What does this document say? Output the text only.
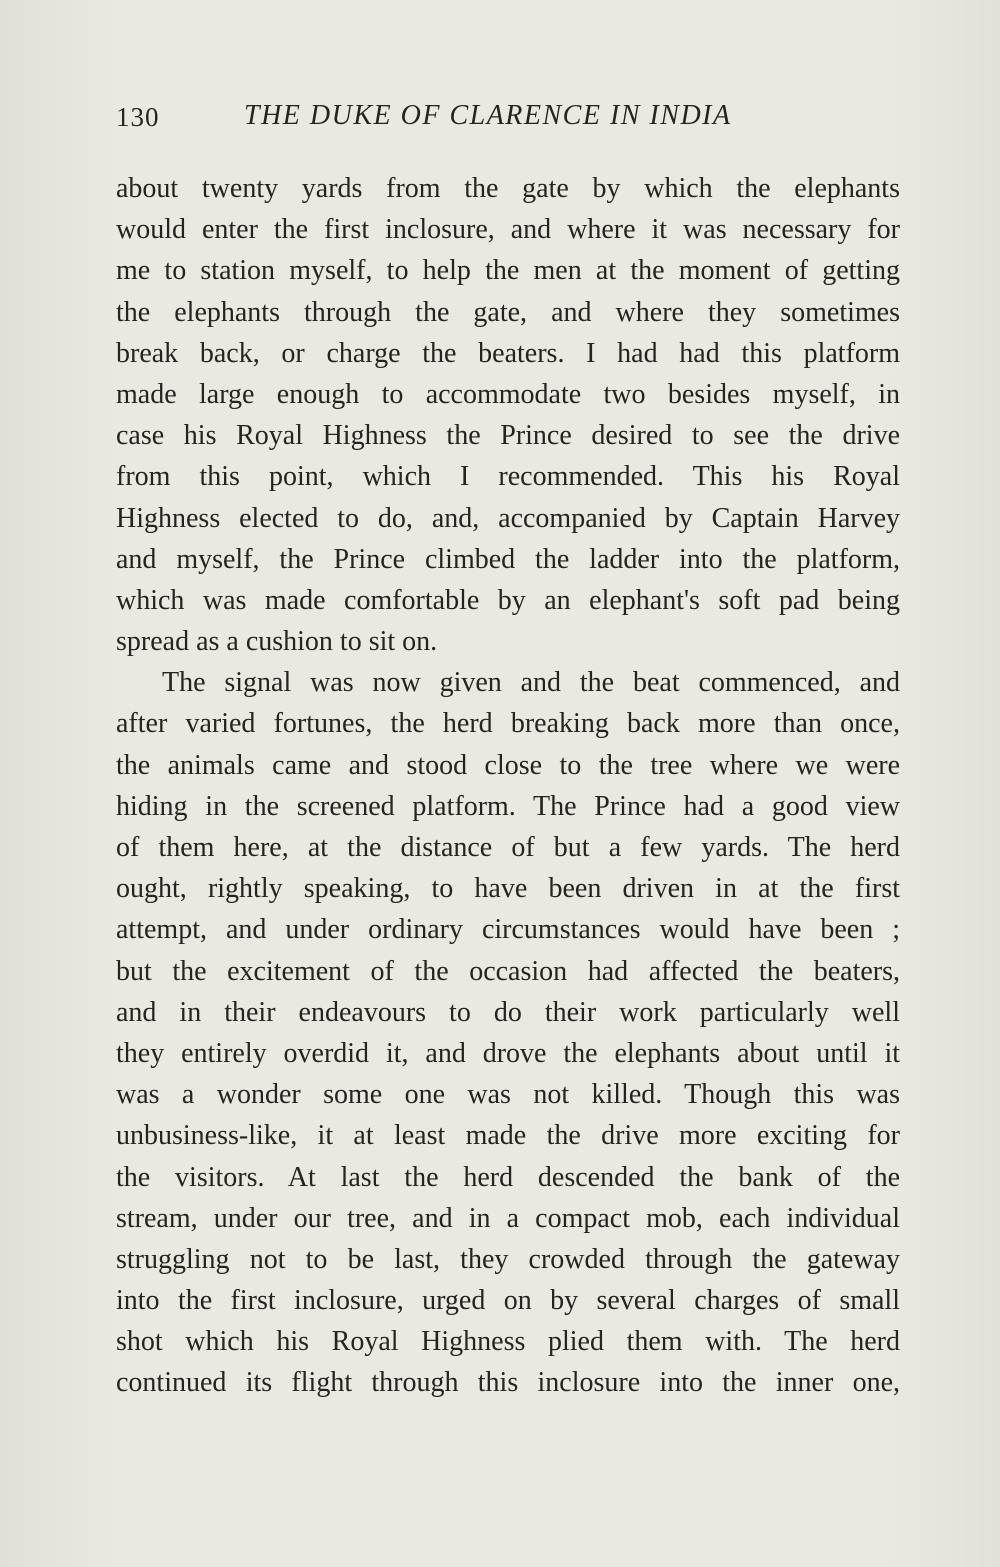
130	THE DUKE OF CLARENCE IN INDIA
about twenty yards from the gate by which the elephants
would enter the first inclosure, and where it was necessary for
me to station myself, to help the men at the moment of getting
the elephants through the gate, and where they sometimes
break back, or charge the beaters. I had had this platform
made large enough to accommodate two besides myself, in
case his Royal Highness the Prince desired to see the drive
from this point, which I recommended. This his Royal
Highness elected to do, and, accompanied by Captain Harvey
and myself, the Prince climbed the ladder into the platform,
which was made comfortable by an elephant's soft pad being
spread as a cushion to sit on.
The signal was now given and the beat commenced, and
after varied fortunes, the herd breaking back more than once,
the animals came and stood close to the tree where we were
hiding in the screened platform. The Prince had a good view
of them here, at the distance of but a few yards. The herd
ought, rightly speaking, to have been driven in at the first
attempt, and under ordinary circumstances would have been ;
but the excitement of the occasion had affected the beaters,
and in their endeavours to do their work particularly well
they entirely overdid it, and drove the elephants about until it
was a wonder some one was not killed. Though this was
unbusiness-like, it at least made the drive more exciting for
the visitors. At last the herd descended the bank of the
stream, under our tree, and in a compact mob, each individual
struggling not to be last, they crowded through the gateway
into the first inclosure, urged on by several charges of small
shot which his Royal Highness plied them with. The herd
continued its flight through this inclosure into the inner one,
